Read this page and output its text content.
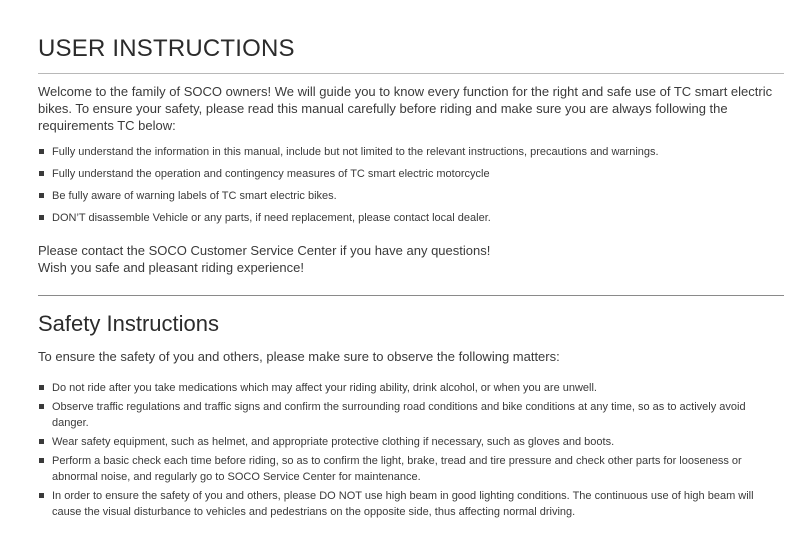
USER INSTRUCTIONS

Welcome to the family of SOCO owners! We will guide you to know every function for the right and safe use of TC smart electric bikes. To ensure your safety, please read this manual carefully before riding and make sure you are always following the requirements TC below:

Fully understand the information in this manual, include but not limited to the relevant instructions, precautions and warnings.
Fully understand the operation and contingency measures of TC smart electric motorcycle
Be fully aware of warning labels of TC smart electric bikes.
DON’T disassemble Vehicle or any parts, if need replacement, please contact local dealer.

Please contact the SOCO Customer Service Center if you have any questions!
Wish you safe and pleasant riding experience!

Safety Instructions

To ensure the safety of you and others, please make sure to observe the following matters:

Do not ride after you take medications which may affect your riding ability, drink alcohol, or when you are unwell.
Observe traffic regulations and traffic signs and confirm the surrounding road conditions and bike conditions at any time, so as to actively avoid danger.
Wear safety equipment, such as helmet, and appropriate protective clothing if necessary, such as gloves and boots.
Perform a basic check each time before riding, so as to confirm the light, brake, tread and tire pressure and check other parts for looseness or abnormal noise, and regularly go to SOCO Service Center for maintenance.
In order to ensure the safety of you and others, please DO NOT use high beam in good lighting conditions. The continuous use of high beam will cause the visual disturbance to vehicles and pedestrians on the opposite side, thus affecting normal driving.
